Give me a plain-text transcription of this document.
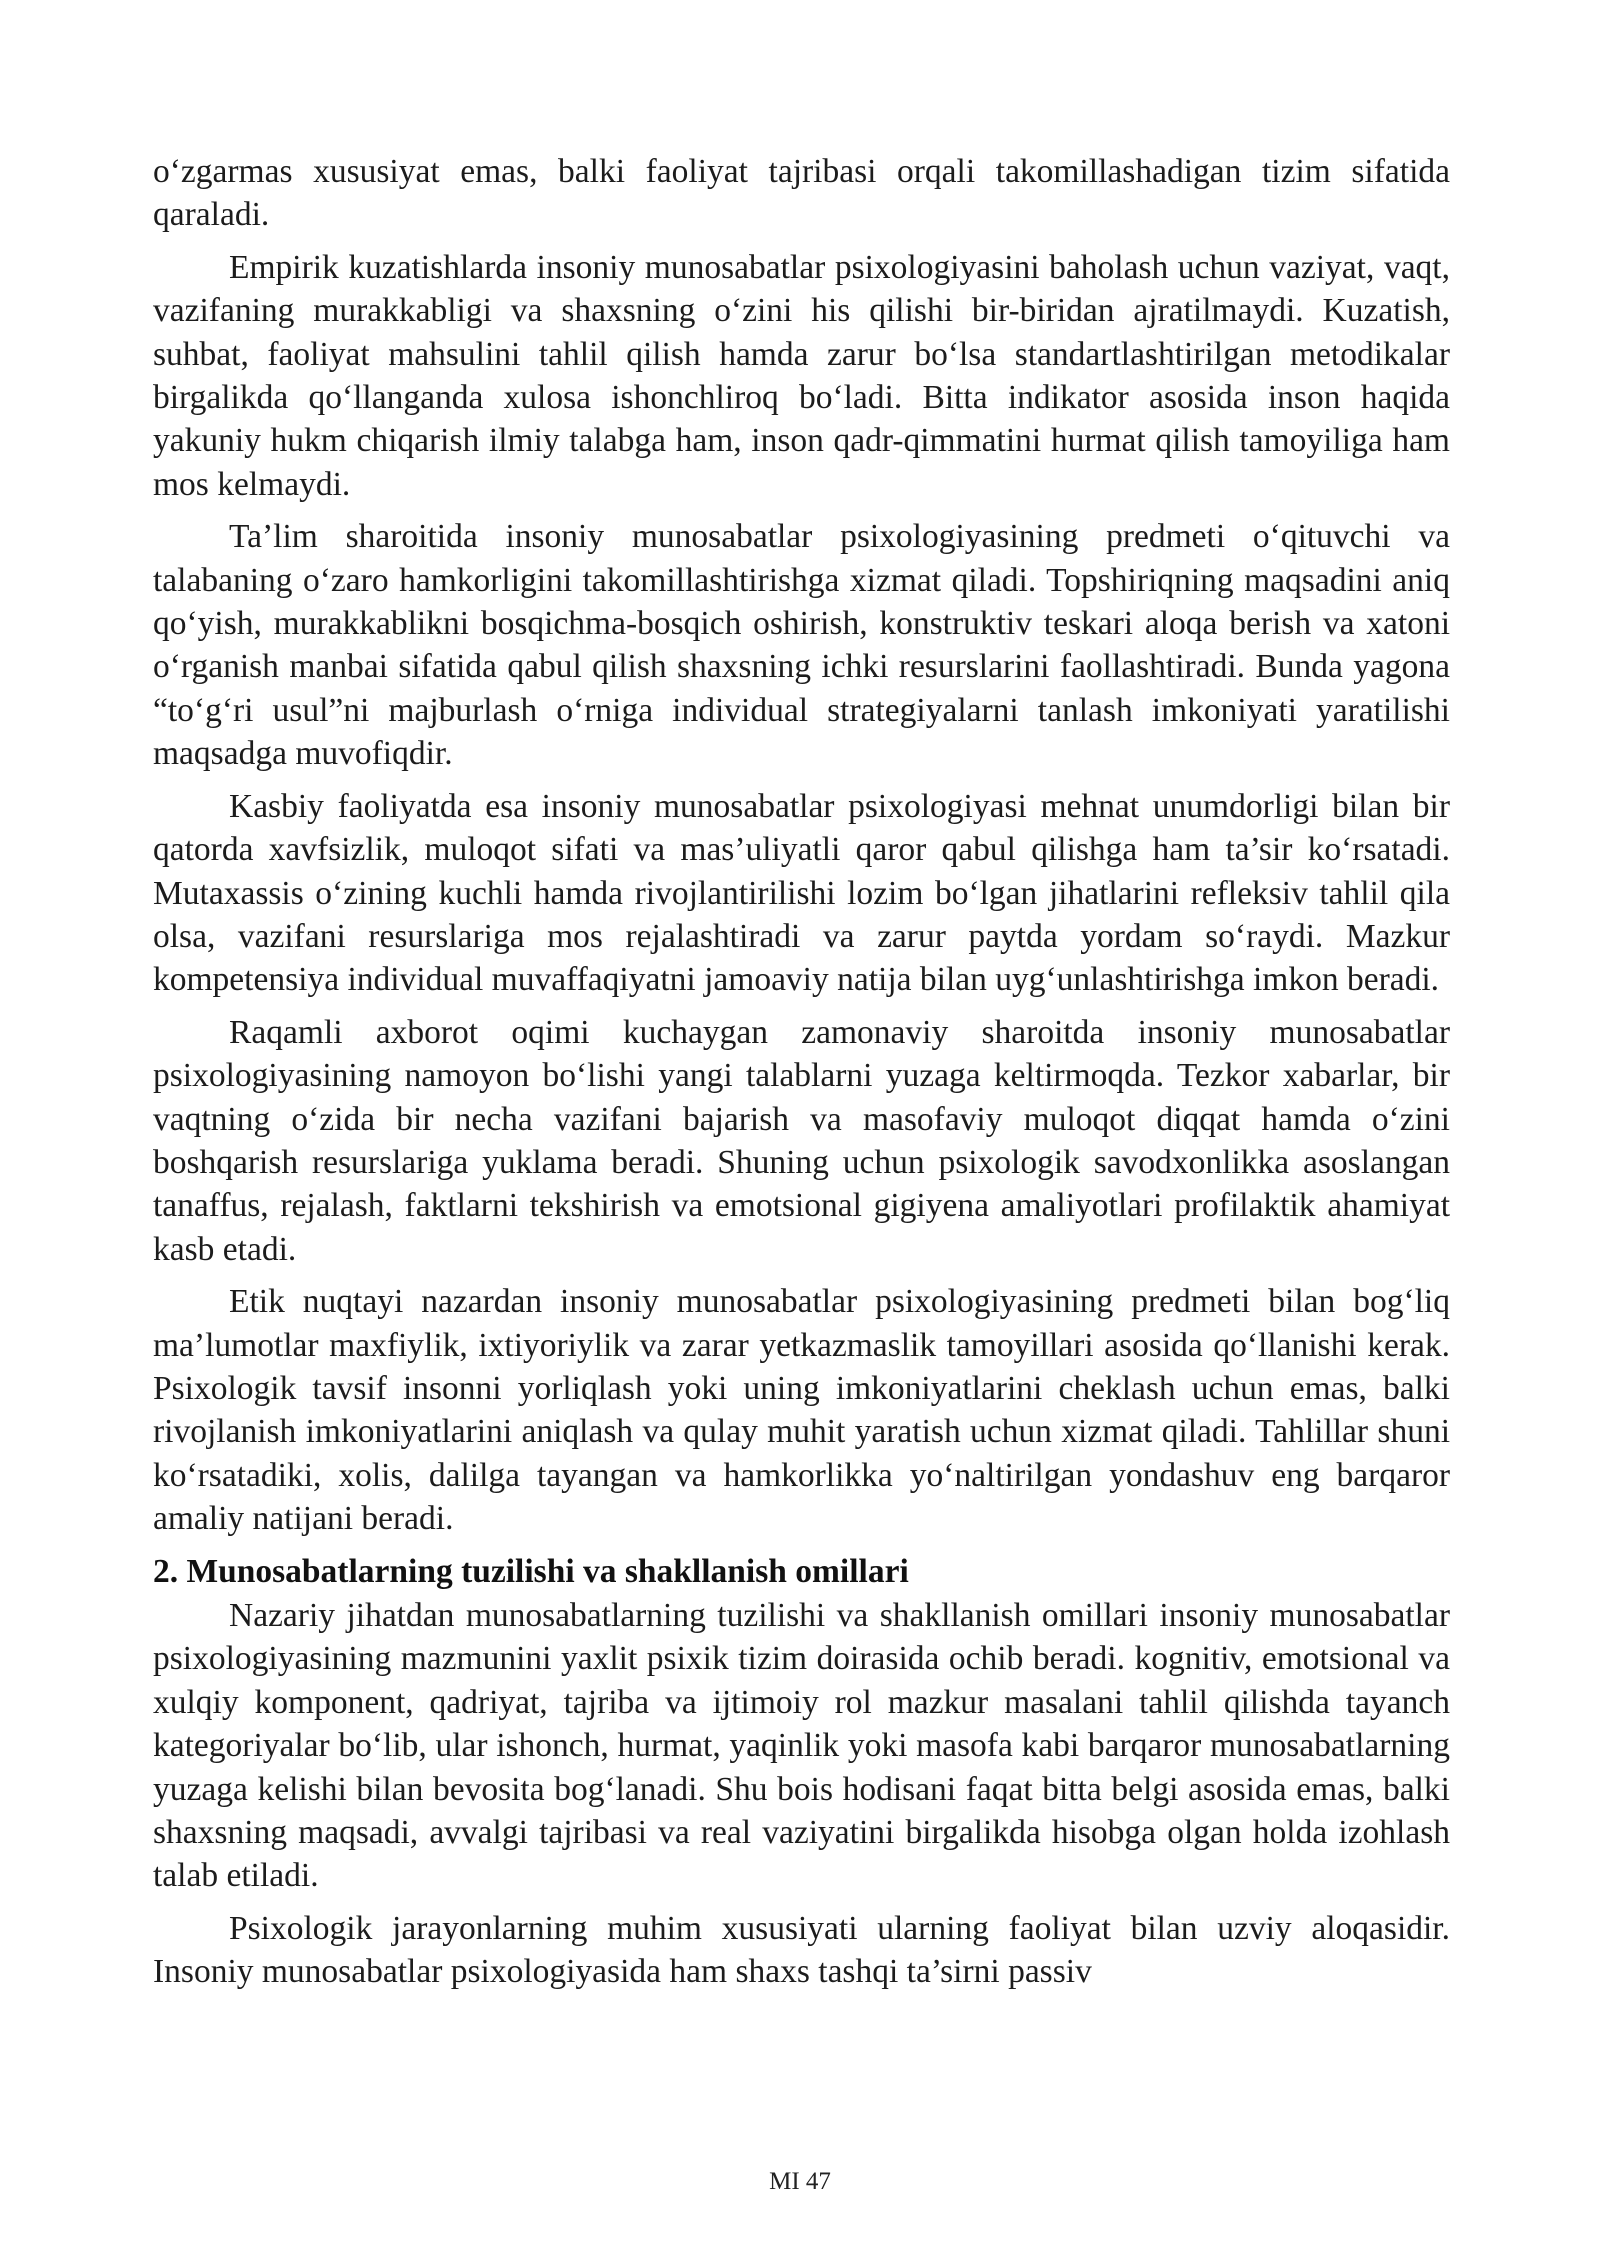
o‘zgarmas xususiyat emas, balki faoliyat tajribasi orqali takomillashadigan tizim sifatida qaraladi.

Empirik kuzatishlarda insoniy munosabatlar psixologiyasini baholash uchun vaziyat, vaqt, vazifaning murakkabligi va shaxsning o‘zini his qilishi bir-biridan ajratilmaydi. Kuzatish, suhbat, faoliyat mahsulini tahlil qilish hamda zarur bo‘lsa standartlashtirilgan metodikalar birgalikda qo‘llanganda xulosa ishonchliroq bo‘ladi. Bitta indikator asosida inson haqida yakuniy hukm chiqarish ilmiy talabga ham, inson qadr-qimmatini hurmat qilish tamoyiliga ham mos kelmaydi.

Ta’lim sharoitida insoniy munosabatlar psixologiyasining predmeti o‘qituvchi va talabaning o‘zaro hamkorligini takomillashtirishga xizmat qiladi. Topshiriqning maqsadini aniq qo‘yish, murakkablikni bosqichma-bosqich oshirish, konstruktiv teskari aloqa berish va xatoni o‘rganish manbai sifatida qabul qilish shaxsning ichki resurslarini faollashtiradi. Bunda yagona “to‘g‘ri usul”ni majburlash o‘rniga individual strategiyalarni tanlash imkoniyati yaratilishi maqsadga muvofiqdir.

Kasbiy faoliyatda esa insoniy munosabatlar psixologiyasi mehnat unumdorligi bilan bir qatorda xavfsizlik, muloqot sifati va mas’uliyatli qaror qabul qilishga ham ta’sir ko‘rsatadi. Mutaxassis o‘zining kuchli hamda rivojlantirilishi lozim bo‘lgan jihatlarini refleksiv tahlil qila olsa, vazifani resurslariga mos rejalashtiradi va zarur paytda yordam so‘raydi. Mazkur kompetensiya individual muvaffaqiyatni jamoaviy natija bilan uyg‘unlashtirishga imkon beradi.

Raqamli axborot oqimi kuchaygan zamonaviy sharoitda insoniy munosabatlar psixologiyasining namoyon bo‘lishi yangi talablarni yuzaga keltirmoqda. Tezkor xabarlar, bir vaqtning o‘zida bir necha vazifani bajarish va masofaviy muloqot diqqat hamda o‘zini boshqarish resurslariga yuklama beradi. Shuning uchun psixologik savodxonlikka asoslangan tanaffus, rejalash, faktlarni tekshirish va emotsional gigiyena amaliyotlari profilaktik ahamiyat kasb etadi.

Etik nuqtayi nazardan insoniy munosabatlar psixologiyasining predmeti bilan bog‘liq ma’lumotlar maxfiylik, ixtiyoriylik va zarar yetkazmaslik tamoyillari asosida qo‘llanishi kerak. Psixologik tavsif insonni yorliqlash yoki uning imkoniyatlarini cheklash uchun emas, balki rivojlanish imkoniyatlarini aniqlash va qulay muhit yaratish uchun xizmat qiladi. Tahlillar shuni ko‘rsatadiki, xolis, dalilga tayangan va hamkorlikka yo‘naltirilgan yondashuv eng barqaror amaliy natijani beradi.

2. Munosabatlarning tuzilishi va shakllanish omillari

Nazariy jihatdan munosabatlarning tuzilishi va shakllanish omillari insoniy munosabatlar psixologiyasining mazmunini yaxlit psixik tizim doirasida ochib beradi. kognitiv, emotsional va xulqiy komponent, qadriyat, tajriba va ijtimoiy rol mazkur masalani tahlil qilishda tayanch kategoriyalar bo‘lib, ular ishonch, hurmat, yaqinlik yoki masofa kabi barqaror munosabatlarning yuzaga kelishi bilan bevosita bog‘lanadi. Shu bois hodisani faqat bitta belgi asosida emas, balki shaxsning maqsadi, avvalgi tajribasi va real vaziyatini birgalikda hisobga olgan holda izohlash talab etiladi.

Psixologik jarayonlarning muhim xususiyati ularning faoliyat bilan uzviy aloqasidir. Insoniy munosabatlar psixologiyasida ham shaxs tashqi ta’sirni passiv

MI 47
